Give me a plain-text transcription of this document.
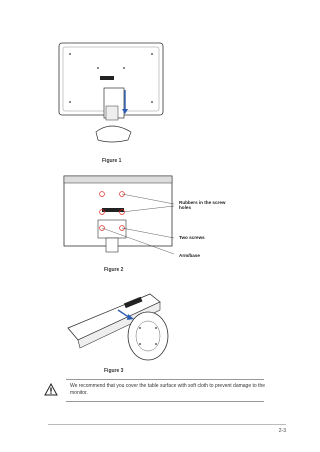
Figure 1
Rubbers in the screw holes
Two screws
Arm/base
Figure 2
Figure 3
We recommend that you cover the table surface with soft cloth to prevent damage to the monitor.
2-3
